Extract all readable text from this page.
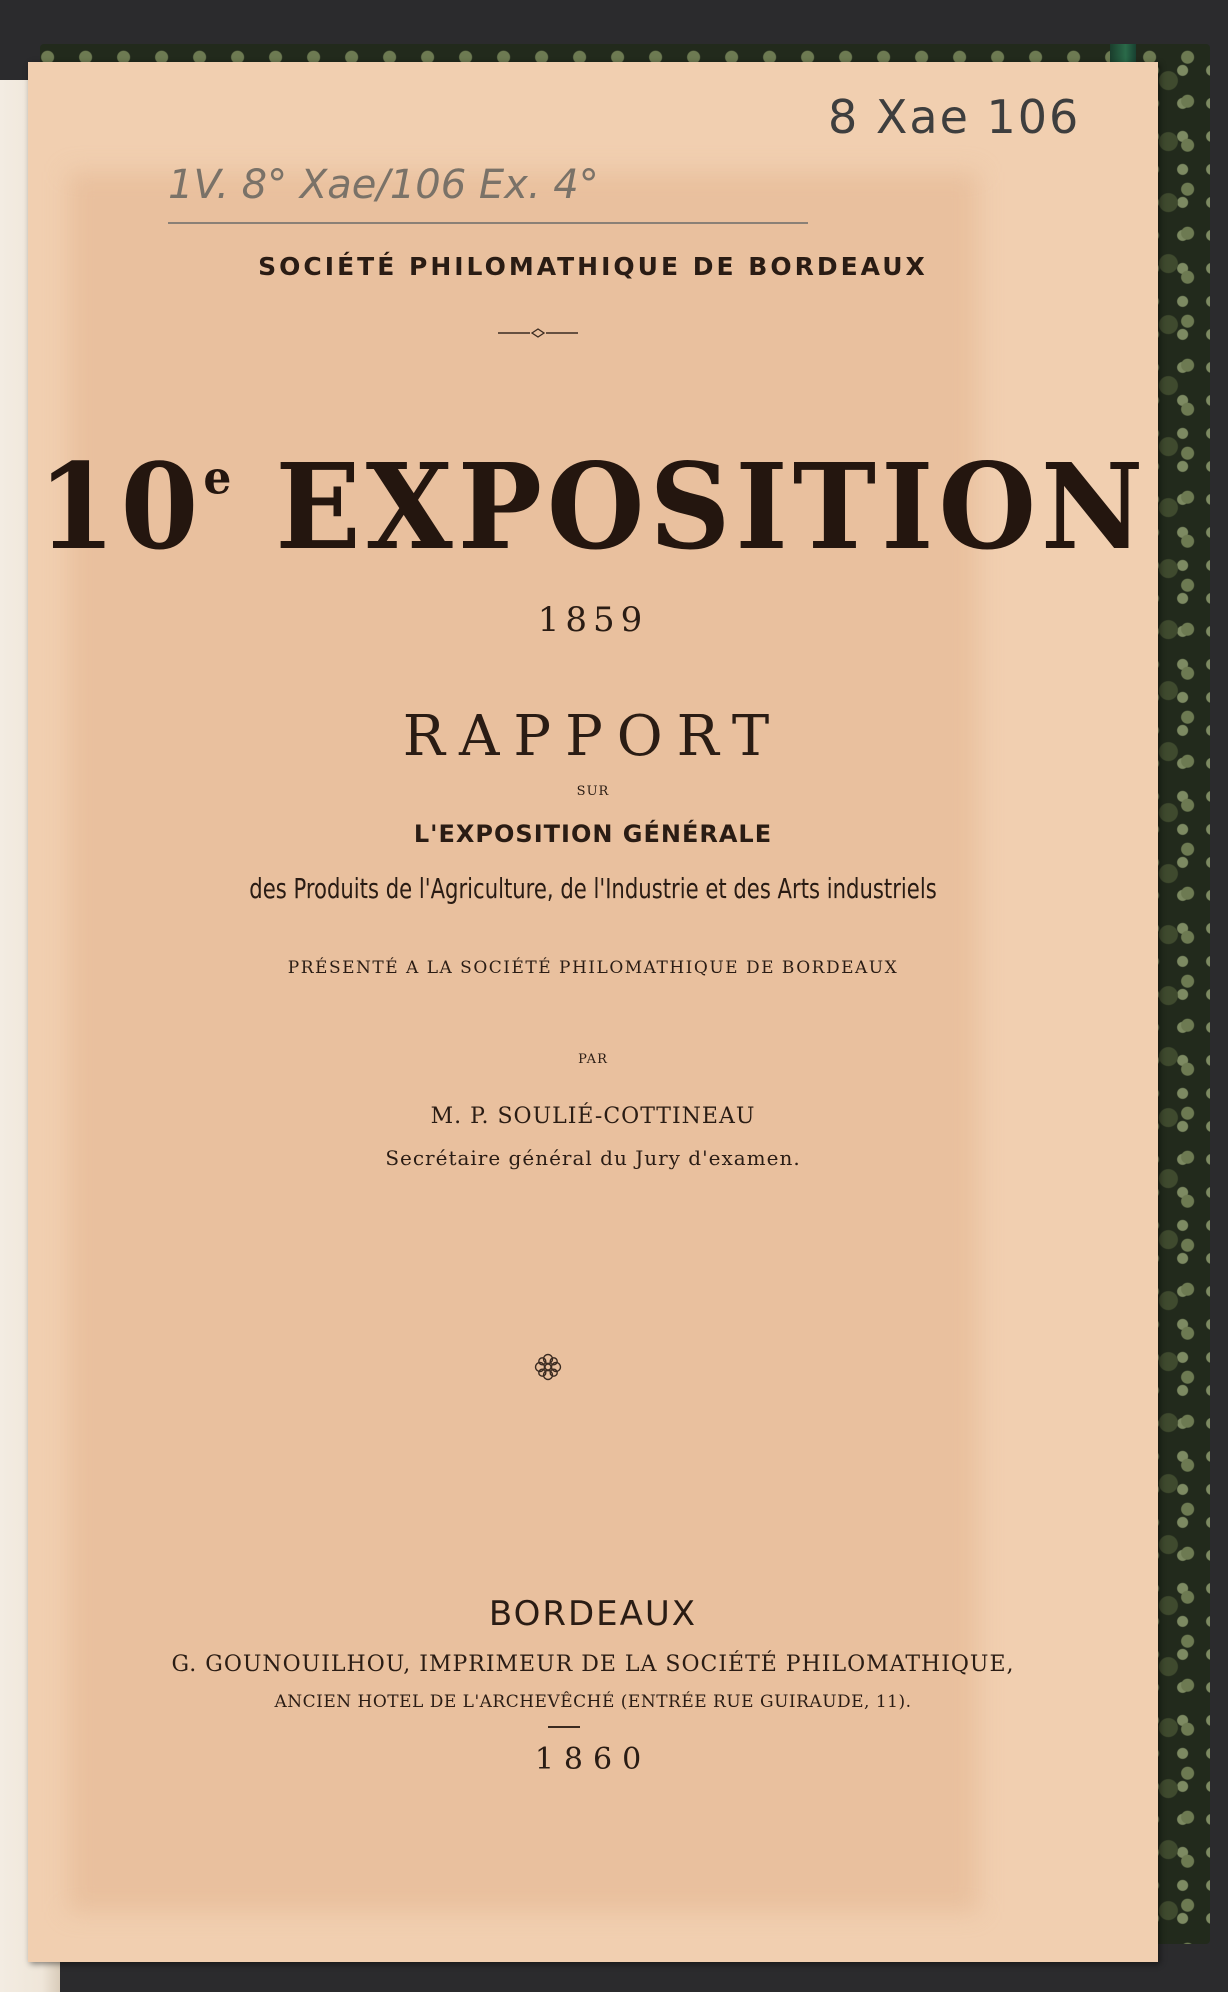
1V. 8° Xae/106 Ex. 4°
8 Xae 106
SOCIÉTÉ PHILOMATHIQUE DE BORDEAUX
10e EXPOSITION
1859
RAPPORT
SUR
L'EXPOSITION GÉNÉRALE
des Produits de l'Agriculture, de l'Industrie et des Arts industriels
PRÉSENTÉ A LA SOCIÉTÉ PHILOMATHIQUE DE BORDEAUX
PAR
M. P. SOULIÉ-COTTINEAU
Secrétaire général du Jury d'examen.
BORDEAUX
G. GOUNOUILHOU, IMPRIMEUR DE LA SOCIÉTÉ PHILOMATHIQUE,
ANCIEN HOTEL DE L'ARCHEVÊCHÉ (ENTRÉE RUE GUIRAUDE, 11).
1860
